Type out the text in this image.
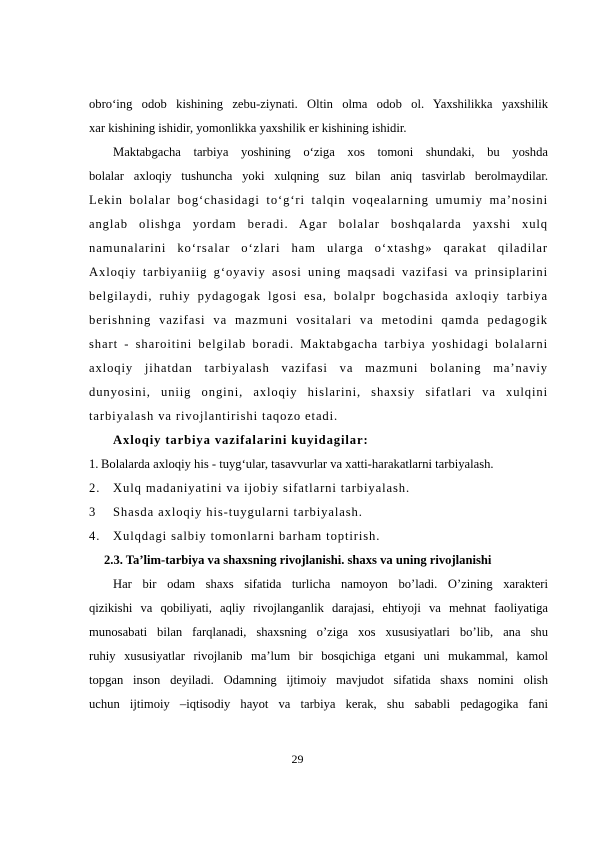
obro‘ing odob kishining zebu-ziynati. Oltin olma odob ol. Yaxshilikka yaxshilik
xar kishining ishidir, yomonlikka yaxshilik er kishining ishidir.
Maktabgacha tarbiya yoshining o‘ziga xos tomoni shundaki, bu yoshda
bolalar axloqiy tushuncha yoki xulqning suz bilan aniq tasvirlab berolmaydilar.
Lekin bolalar bog‘chasidagi to‘g‘ri talqin voqealarning umumiy ma’nosini
anglab olishga yordam beradi. Agar bolalar boshqalarda yaxshi xulq
namunalarini ko‘rsalar o‘zlari ham ularga o‘xtashg» qarakat qiladilar
Axloqiy tarbiyaniig g‘oyaviy asosi uning maqsadi vazifasi va prinsiplarini
belgilaydi, ruhiy pydagogak lgosi esa, bolalpr bogchasida axloqiy tarbiya
berishning vazifasi va mazmuni vositalari va metodini qamda pedagogik
shart - sharoitini belgilab boradi. Maktabgacha tarbiya yoshidagi bolalarni
axloqiy jihatdan tarbiyalash vazifasi va mazmuni bolaning ma’naviy
dunyosini, uniig ongini, axloqiy hislarini, shaxsiy sifatlari va xulqini
tarbiyalash va rivojlantirishi taqozo etadi.
Axloqiy tarbiya vazifalarini kuyidagilar:
1. Bolalarda axloqiy his - tuyg‘ular, tasavvurlar va xatti-harakatlarni tarbiyalash.
2. Xulq madaniyatini va ijobiy sifatlarni tarbiyalash.
3 Shasda axloqiy his-tuygularni tarbiyalash.
4. Xulqdagi salbiy tomonlarni barham toptirish.
2.3. Ta’lim-tarbiya va shaxsning rivojlanishi. shaxs va uning rivojlanishi
Har bir odam shaxs sifatida turlicha namoyon bo’ladi. O’zining xarakteri
qizikishi va qobiliyati, aqliy rivojlanganlik darajasi, ehtiyoji va mehnat faoliyatiga
munosabati bilan farqlanadi, shaxsning o’ziga xos xususiyatlari bo’lib, ana shu
ruhiy xususiyatlar rivojlanib ma’lum bir bosqichiga etgani uni mukammal, kamol
topgan inson deyiladi. Odamning ijtimoiy mavjudot sifatida shaxs nomini olish
uchun ijtimoiy –iqtisodiy hayot va tarbiya kerak, shu sababli pedagogika fani
29
